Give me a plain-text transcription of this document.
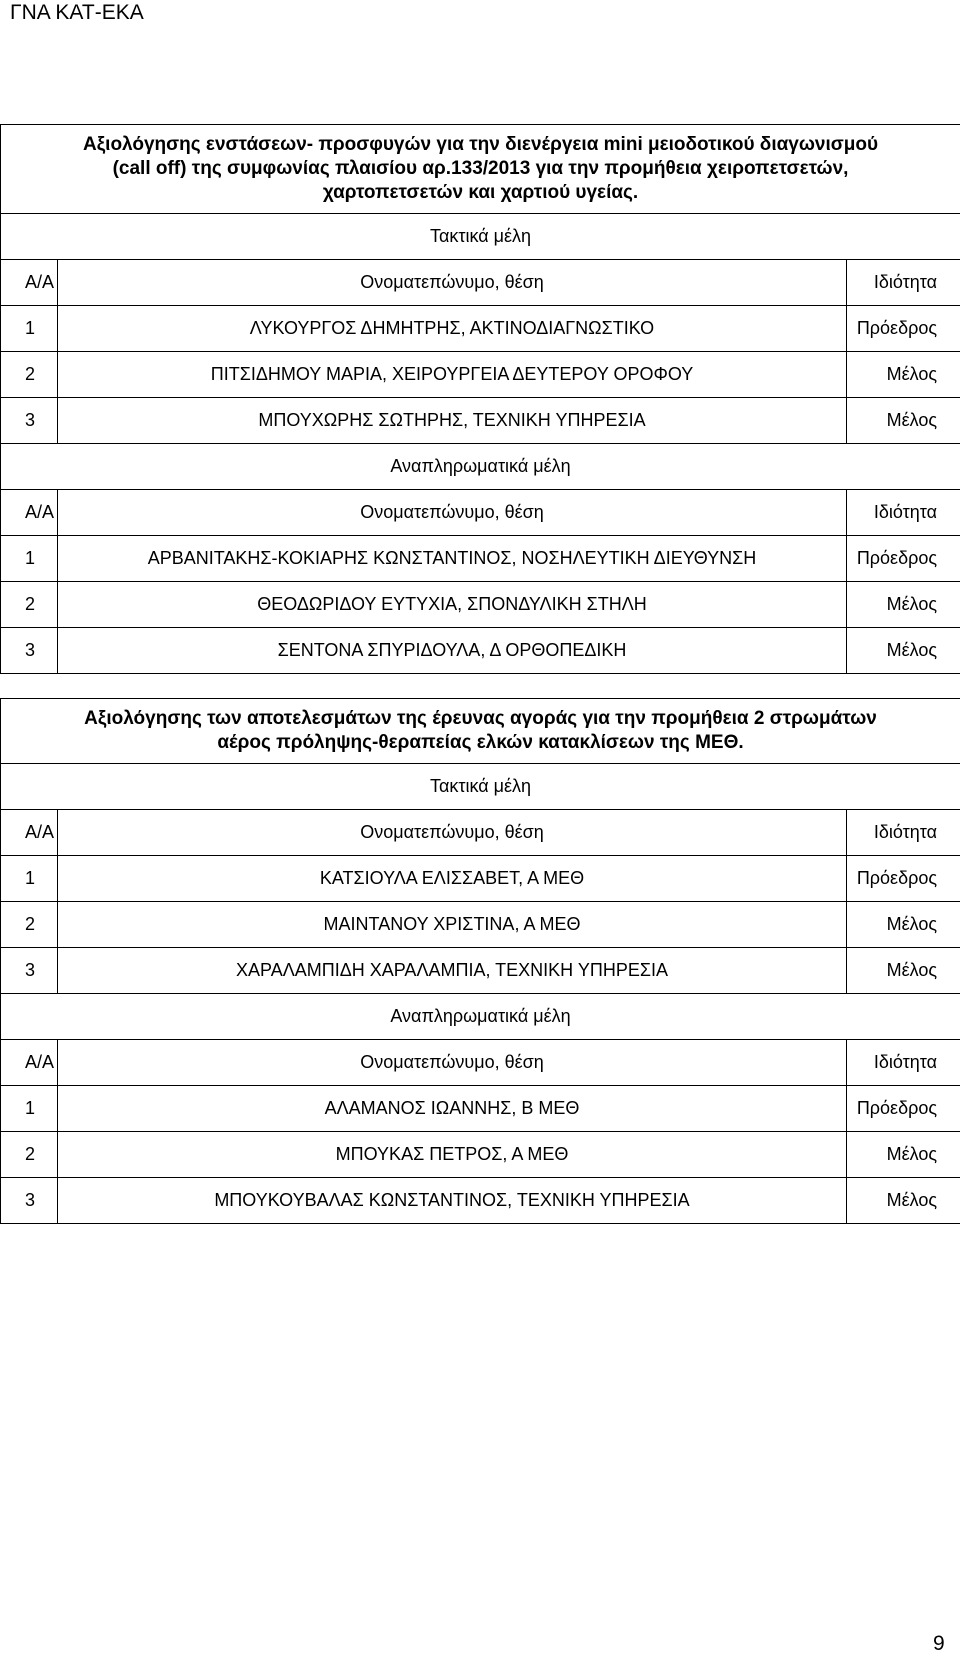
ΓΝΑ ΚΑΤ-ΕΚΑ
Αξιολόγησης ενστάσεων- προσφυγών για την διενέργεια mini μειοδοτικού διαγωνισμού
(call off) της συμφωνίας πλαισίου αρ.133/2013 για την προμήθεια χειροπετσετών,
χαρτοπετσετών και χαρτιού υγείας.		

Τακτικά μέλη		
Α/Α	Ονοματεπώνυμο, θέση	Ιδιότητα
1	ΛΥΚΟΥΡΓΟΣ ΔΗΜΗΤΡΗΣ, ΑΚΤΙΝΟΔΙΑΓΝΩΣΤΙΚΟ	Πρόεδρος
2	ΠΙΤΣΙΔΗΜΟΥ ΜΑΡΙΑ, ΧΕΙΡΟΥΡΓΕΙΑ ΔΕΥΤΕΡΟΥ ΟΡΟΦΟΥ	Μέλος
3	ΜΠΟΥΧΩΡΗΣ ΣΩΤΗΡΗΣ, ΤΕΧΝΙΚΗ ΥΠΗΡΕΣΙΑ	Μέλος
Αναπληρωματικά μέλη		
Α/Α	Ονοματεπώνυμο, θέση	Ιδιότητα
1	ΑΡΒΑΝΙΤΑΚΗΣ-ΚΟΚΙΑΡΗΣ ΚΩΝΣΤΑΝΤΙΝΟΣ, ΝΟΣΗΛΕΥΤΙΚΗ ΔΙΕΥΘΥΝΣΗ	Πρόεδρος
2	ΘΕΟΔΩΡΙΔΟΥ ΕΥΤΥΧΙΑ, ΣΠΟΝΔΥΛΙΚΗ ΣΤΗΛΗ	Μέλος
3	ΣΕΝΤΟΝΑ ΣΠΥΡΙΔΟΥΛΑ, Δ ΟΡΘΟΠΕΔΙΚΗ	Μέλος
Αξιολόγησης των αποτελεσμάτων της έρευνας αγοράς για την προμήθεια 2 στρωμάτων
αέρος πρόληψης-θεραπείας ελκών κατακλίσεων της ΜΕΘ.		

Τακτικά μέλη		
Α/Α	Ονοματεπώνυμο, θέση	Ιδιότητα
1	ΚΑΤΣΙΟΥΛΑ ΕΛΙΣΣΑΒΕΤ, Α ΜΕΘ	Πρόεδρος
2	ΜΑΙΝΤΑΝΟΥ ΧΡΙΣΤΙΝΑ, Α ΜΕΘ	Μέλος
3	ΧΑΡΑΛΑΜΠΙΔΗ ΧΑΡΑΛΑΜΠΙΑ, ΤΕΧΝΙΚΗ ΥΠΗΡΕΣΙΑ	Μέλος
Αναπληρωματικά μέλη		
Α/Α	Ονοματεπώνυμο, θέση	Ιδιότητα
1	ΑΛΑΜΑΝΟΣ ΙΩΑΝΝΗΣ, Β ΜΕΘ	Πρόεδρος
2	ΜΠΟΥΚΑΣ ΠΕΤΡΟΣ, Α ΜΕΘ	Μέλος
3	ΜΠΟΥΚΟΥΒΑΛΑΣ ΚΩΝΣΤΑΝΤΙΝΟΣ, ΤΕΧΝΙΚΗ ΥΠΗΡΕΣΙΑ	Μέλος
9
